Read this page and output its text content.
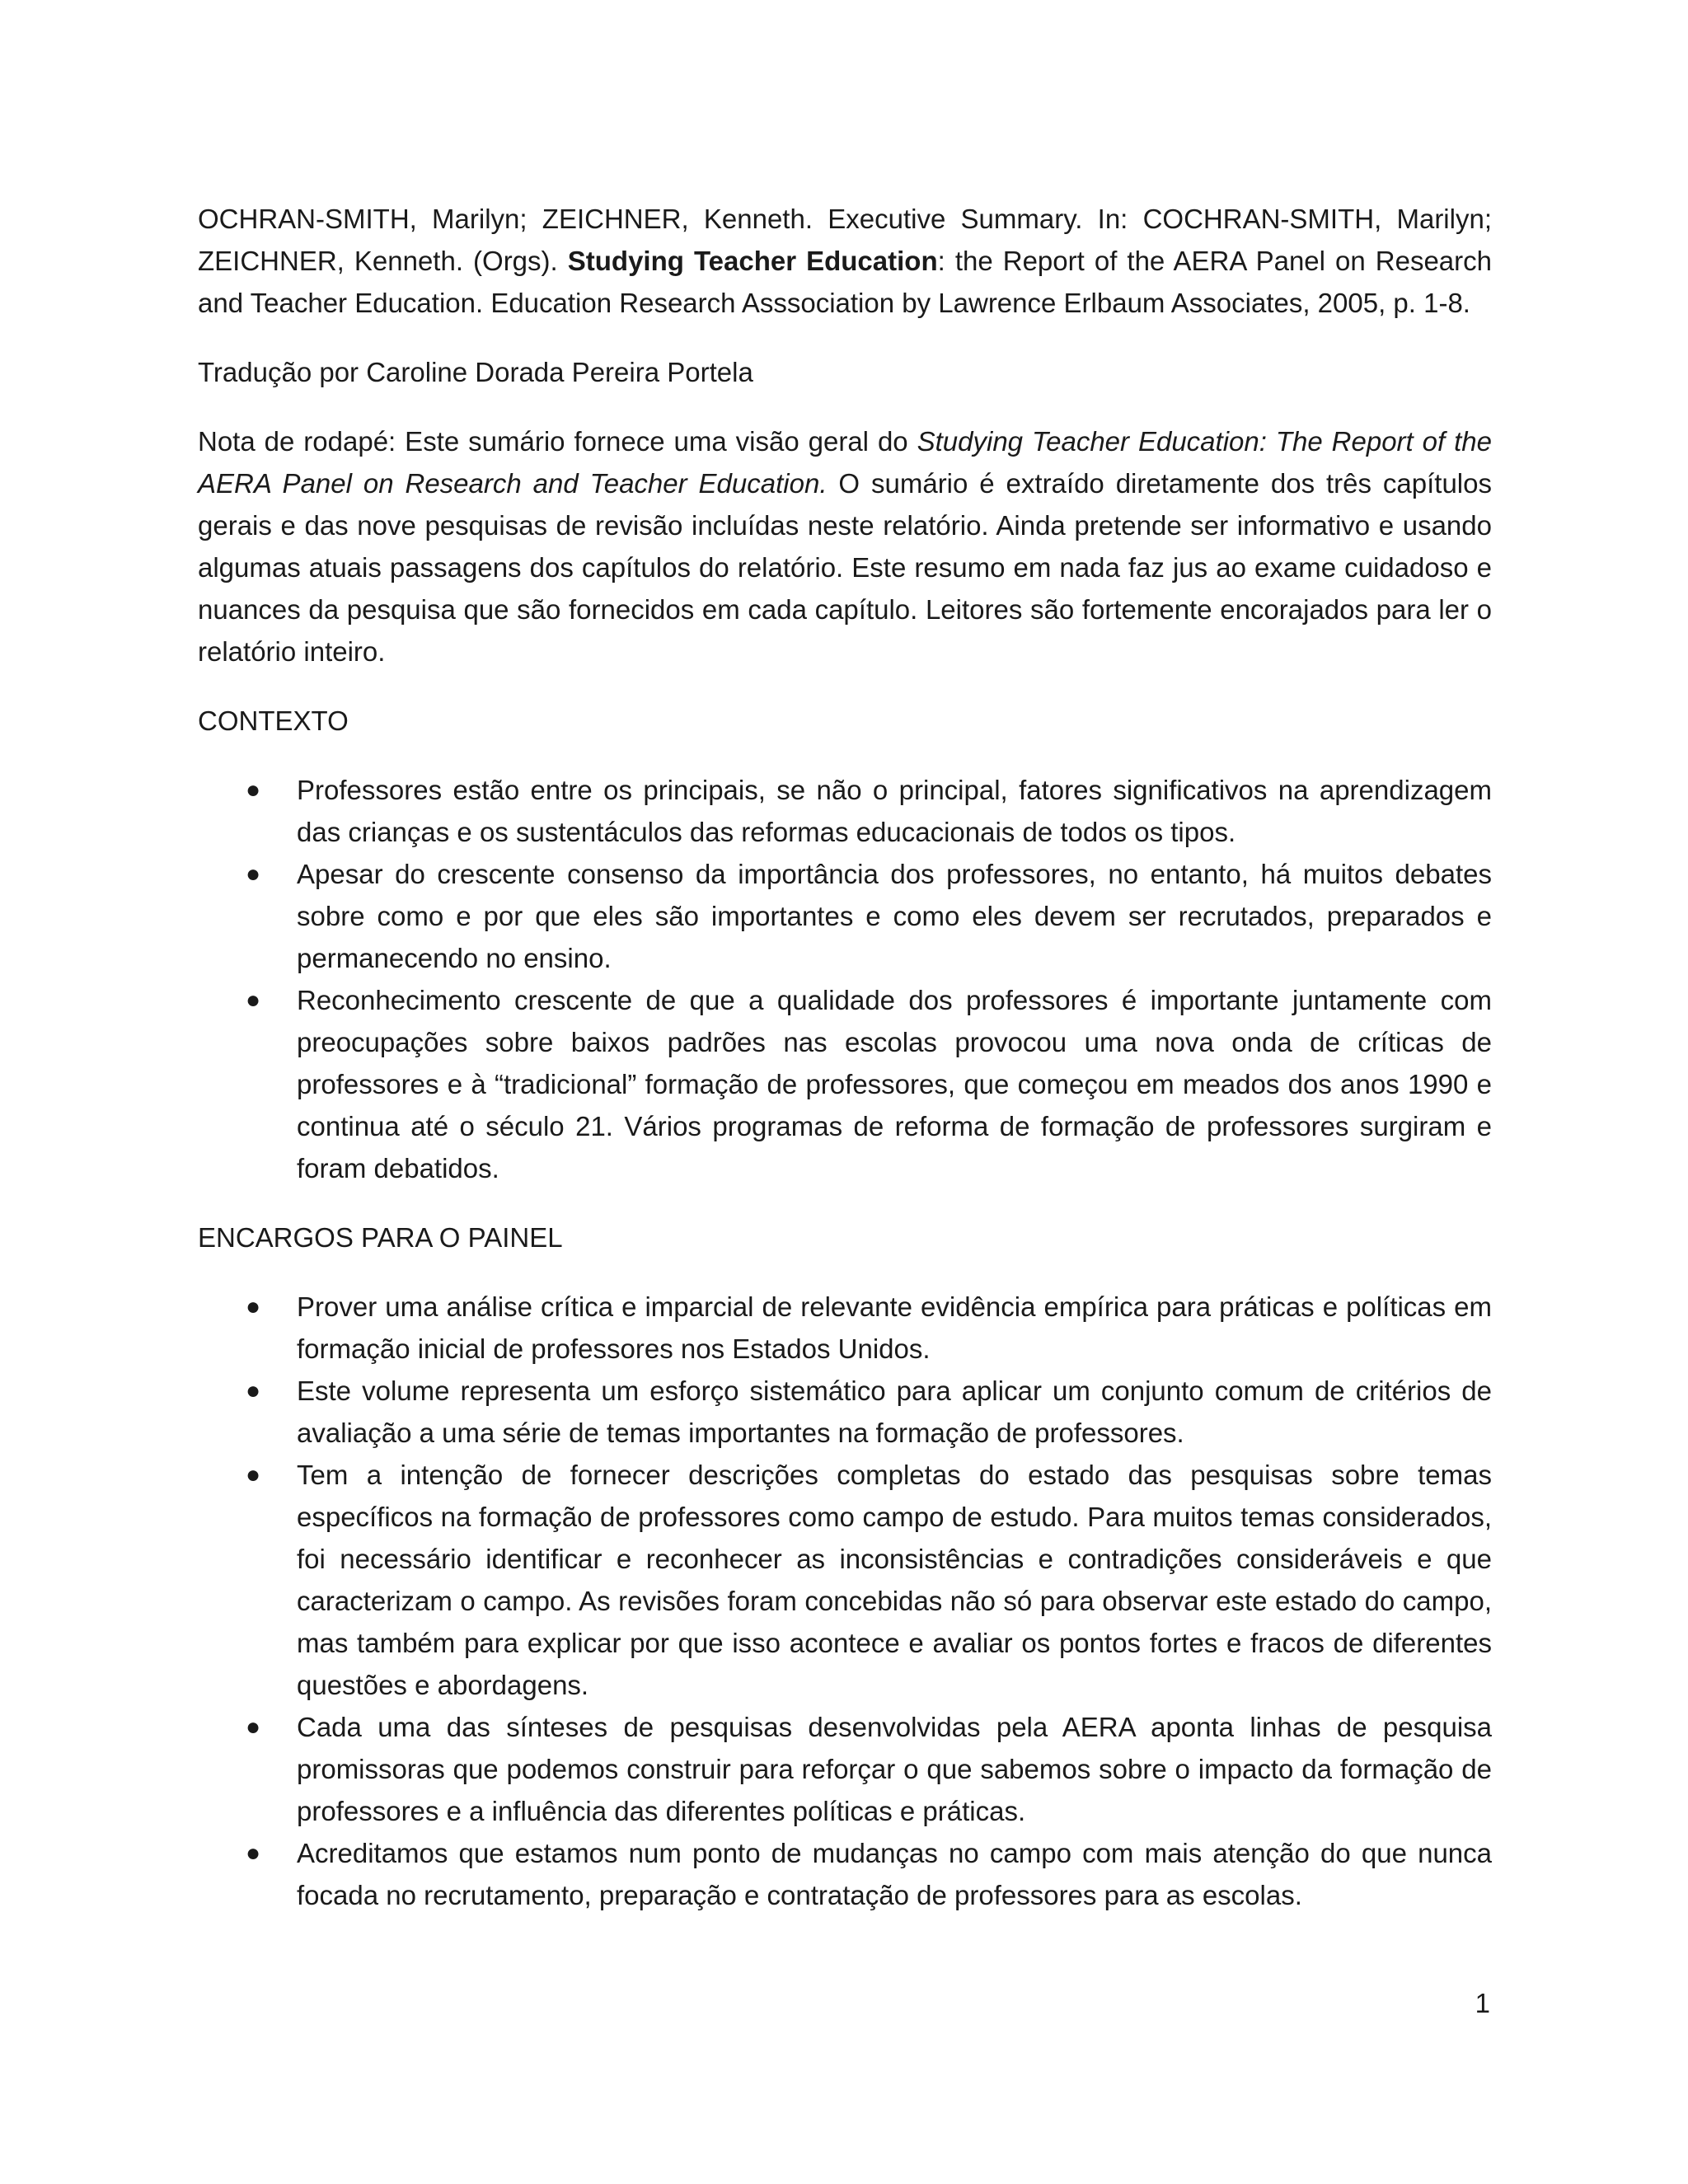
OCHRAN-SMITH, Marilyn; ZEICHNER, Kenneth. Executive Summary. In: COCHRAN-SMITH, Marilyn; ZEICHNER, Kenneth. (Orgs). Studying Teacher Education: the Report of the AERA Panel on Research and Teacher Education. Education Research Asssociation by Lawrence Erlbaum Associates, 2005, p. 1-8.

Tradução por Caroline Dorada Pereira Portela

Nota de rodapé: Este sumário fornece uma visão geral do Studying Teacher Education: The Report of the AERA Panel on Research and Teacher Education. O sumário é extraído diretamente dos três capítulos gerais e das nove pesquisas de revisão incluídas neste relatório. Ainda pretende ser informativo e usando algumas atuais passagens dos capítulos do relatório. Este resumo em nada faz jus ao exame cuidadoso e nuances da pesquisa que são fornecidos em cada capítulo. Leitores são fortemente encorajados para ler o relatório inteiro.

CONTEXTO
● Professores estão entre os principais, se não o principal, fatores significativos na aprendizagem das crianças e os sustentáculos das reformas educacionais de todos os tipos.
● Apesar do crescente consenso da importância dos professores, no entanto, há muitos debates sobre como e por que eles são importantes e como eles devem ser recrutados, preparados e permanecendo no ensino.
● Reconhecimento crescente de que a qualidade dos professores é importante juntamente com preocupações sobre baixos padrões nas escolas provocou uma nova onda de críticas de professores e à “tradicional” formação de professores, que começou em meados dos anos 1990 e continua até o século 21. Vários programas de reforma de formação de professores surgiram e foram debatidos.
ENCARGOS PARA O PAINEL
● Prover uma análise crítica e imparcial de relevante evidência empírica para práticas e políticas em formação inicial de professores nos Estados Unidos.
● Este volume representa um esforço sistemático para aplicar um conjunto comum de critérios de avaliação a uma série de temas importantes na formação de professores.
● Tem a intenção de fornecer descrições completas do estado das pesquisas sobre temas específicos na formação de professores como campo de estudo. Para muitos temas considerados, foi necessário identificar e reconhecer as inconsistências e contradições consideráveis e que caracterizam o campo. As revisões foram concebidas não só para observar este estado do campo, mas também para explicar por que isso acontece e avaliar os pontos fortes e fracos de diferentes questões e abordagens.
● Cada uma das sínteses de pesquisas desenvolvidas pela AERA aponta linhas de pesquisa promissoras que podemos construir para reforçar o que sabemos sobre o impacto da formação de professores e a influência das diferentes políticas e práticas.
● Acreditamos que estamos num ponto de mudanças no campo com mais atenção do que nunca focada no recrutamento, preparação e contratação de professores para as escolas.
1
